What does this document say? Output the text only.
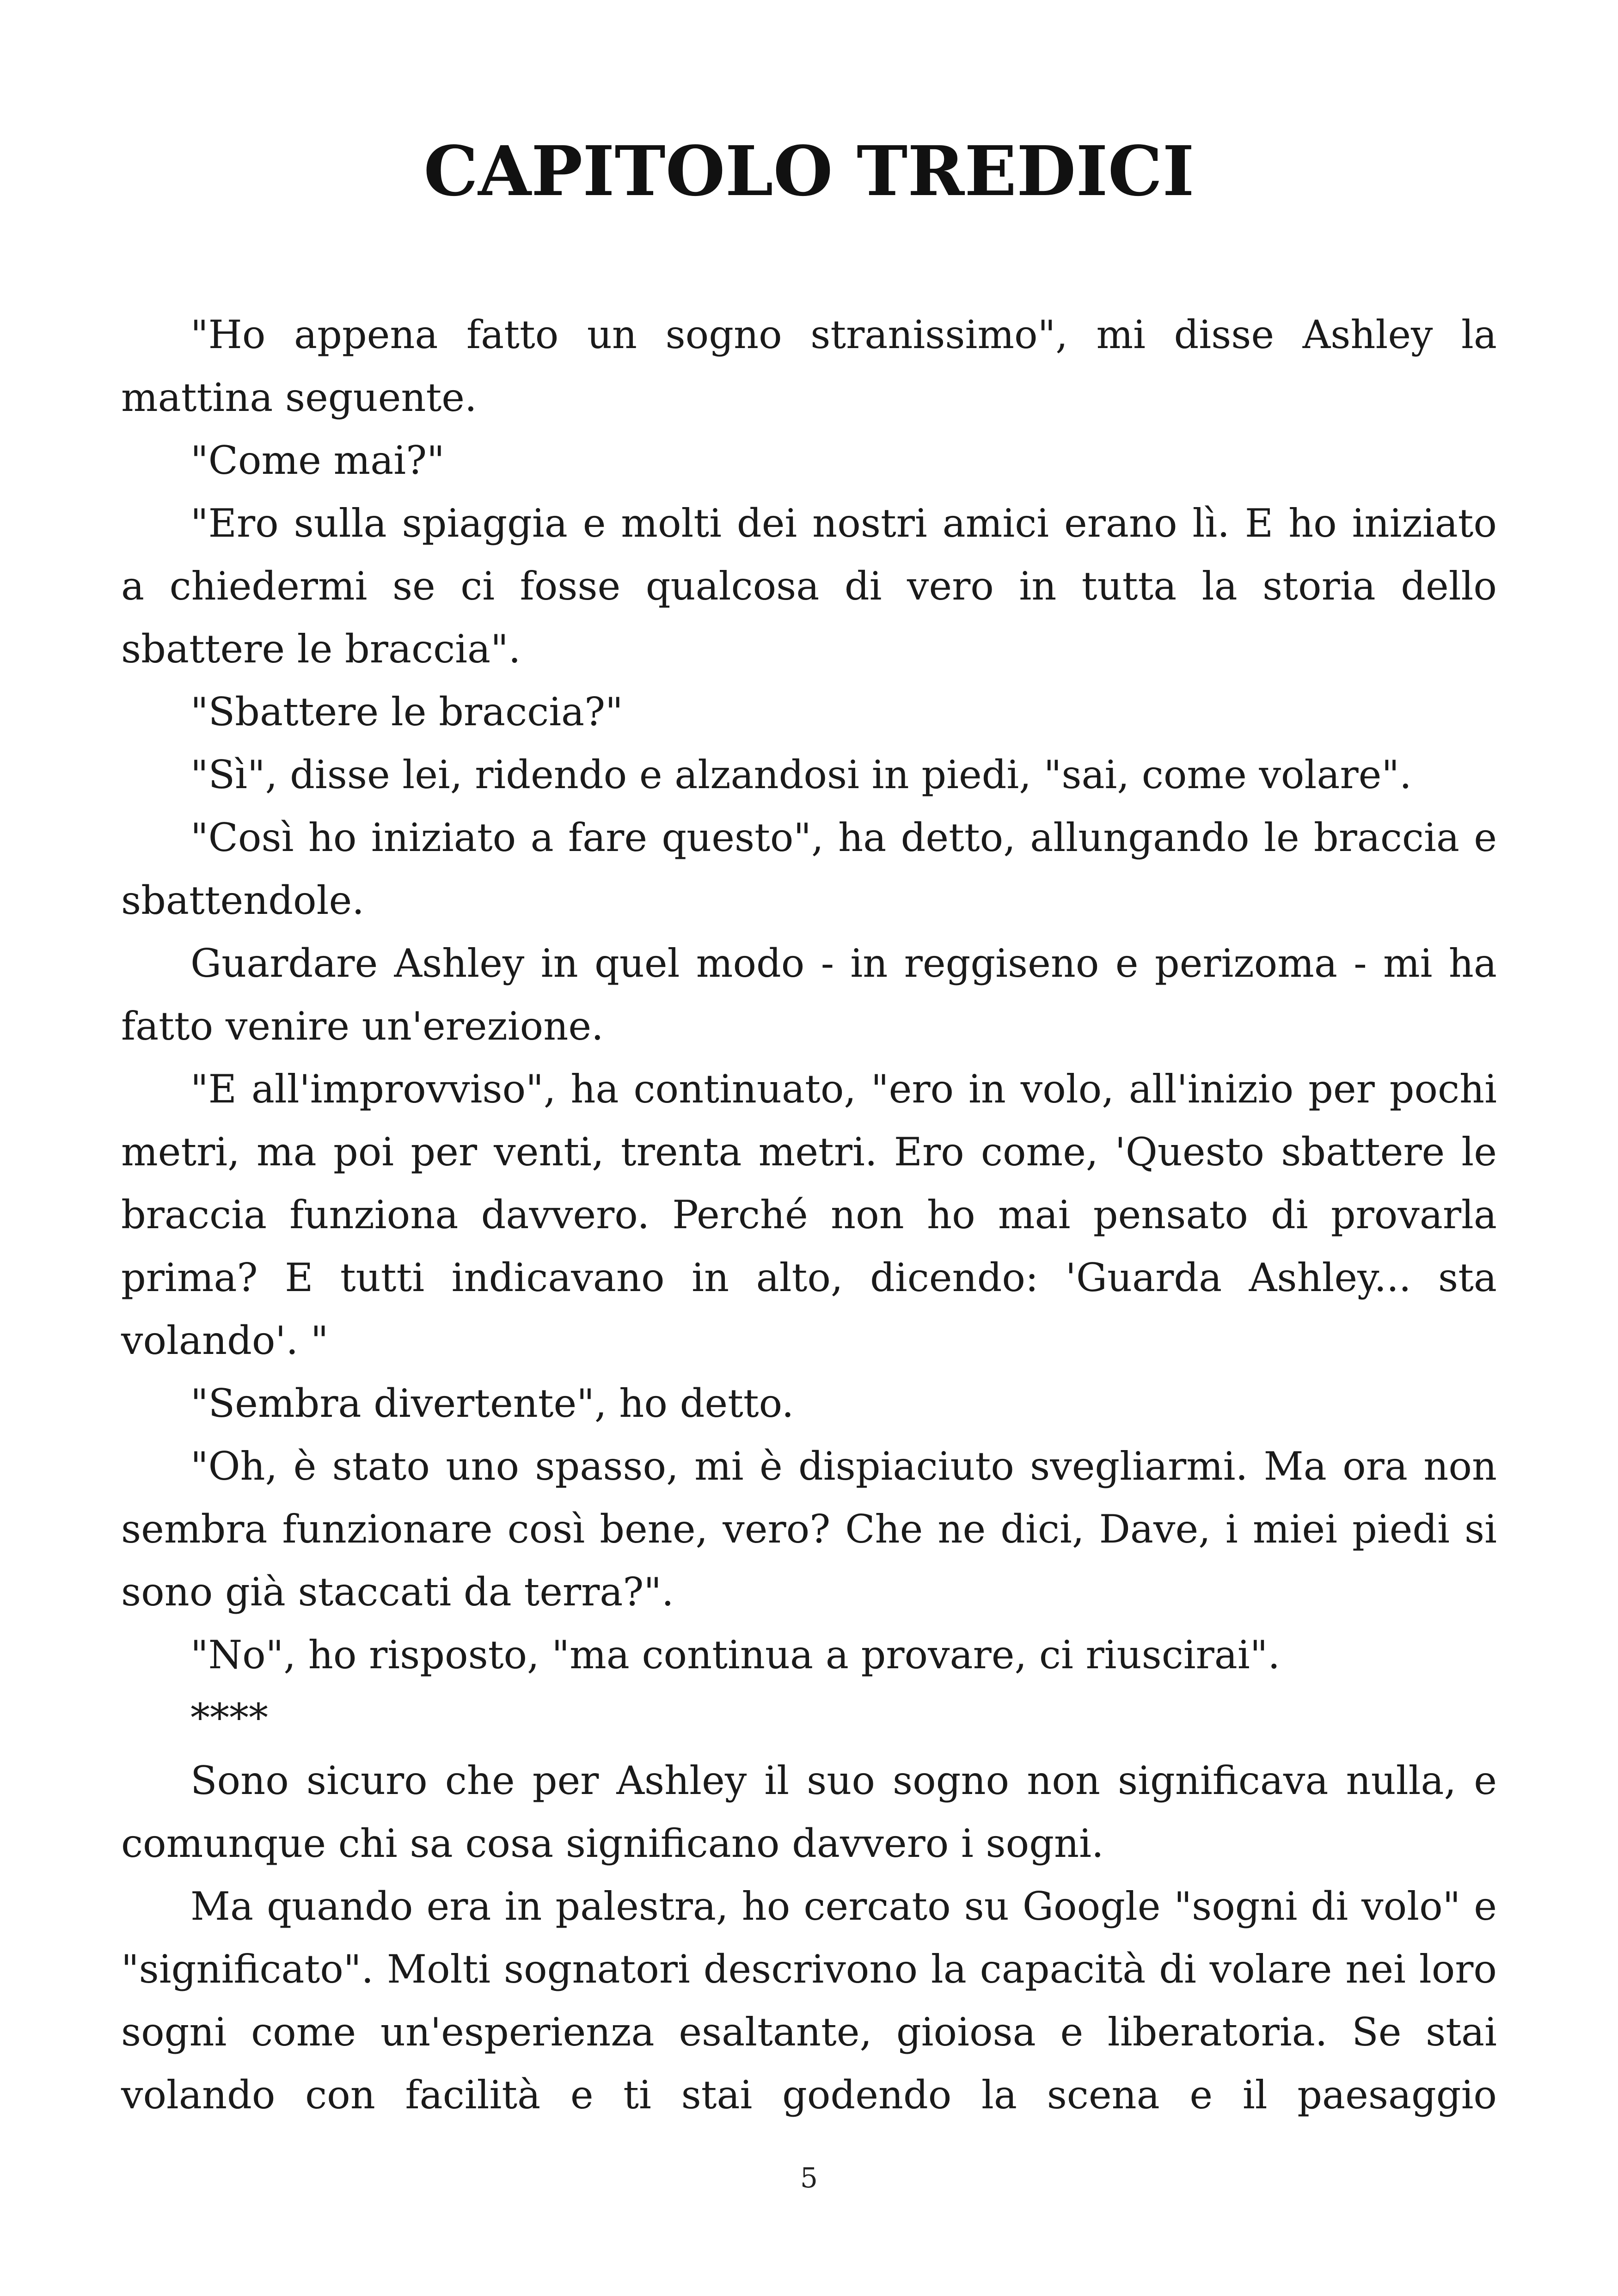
CAPITOLO TREDICI

"Ho appena fatto un sogno stranissimo", mi disse Ashley la mattina seguente.

"Come mai?"

"Ero sulla spiaggia e molti dei nostri amici erano lì. E ho iniziato a chiedermi se ci fosse qualcosa di vero in tutta la storia dello sbattere le braccia".

"Sbattere le braccia?"

"Sì", disse lei, ridendo e alzandosi in piedi, "sai, come volare".

"Così ho iniziato a fare questo", ha detto, allungando le braccia e sbattendole.

Guardare Ashley in quel modo - in reggiseno e perizoma - mi ha fatto venire un'erezione.

"E all'improvviso", ha continuato, "ero in volo, all'inizio per pochi metri, ma poi per venti, trenta metri. Ero come, 'Questo sbattere le braccia funziona davvero. Perché non ho mai pensato di provarla prima? E tutti indicavano in alto, dicendo: 'Guarda Ashley... sta volando'. "

"Sembra divertente", ho detto.

"Oh, è stato uno spasso, mi è dispiaciuto svegliarmi. Ma ora non sembra funzionare così bene, vero? Che ne dici, Dave, i miei piedi si sono già staccati da terra?".

"No", ho risposto, "ma continua a provare, ci riuscirai".

****

Sono sicuro che per Ashley il suo sogno non significava nulla, e comunque chi sa cosa significano davvero i sogni.

Ma quando era in palestra, ho cercato su Google "sogni di volo" e "significato". Molti sognatori descrivono la capacità di volare nei loro sogni come un'esperienza esaltante, gioiosa e liberatoria. Se stai volando con facilità e ti stai godendo la scena e il paesaggio

5
